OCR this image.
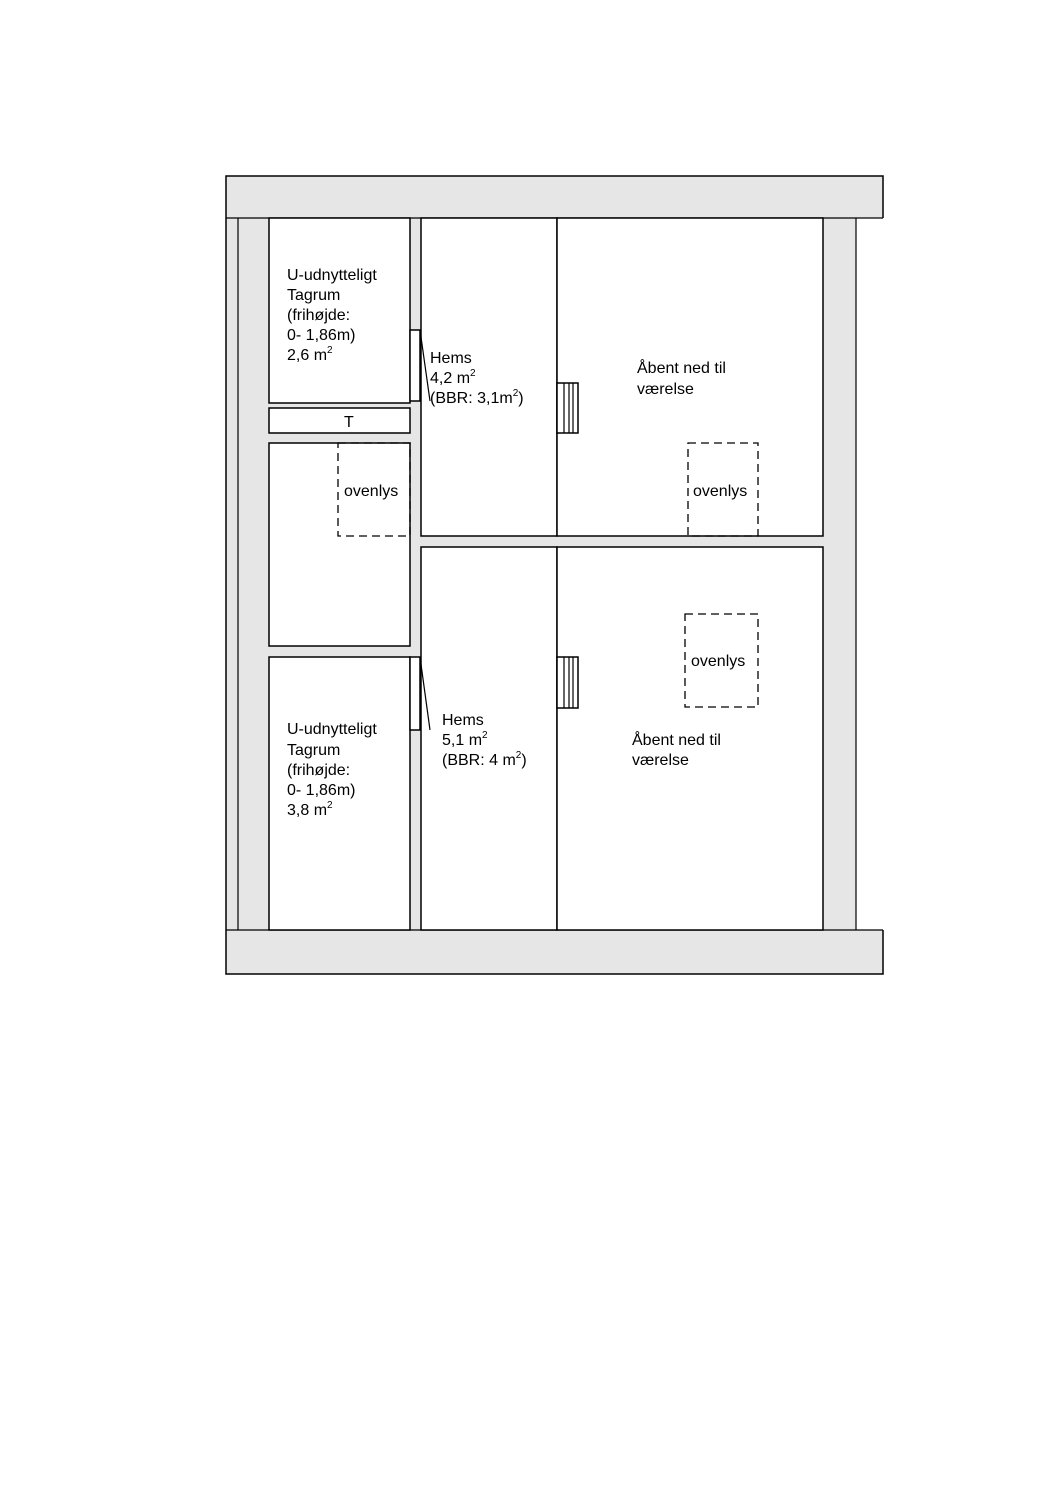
U-udnytteligt Tagrum (frihøjde: 0- 1,86m) 2,6 $m^2$
T
ovenlys
U-udnytteligt Tagrum (frihøjde: 0- 1,86m) 3,8 $m^2$
Hems 4,2 $m^2$ (BBR: $3,1m^2$)
Hems 5,1 $m^2$ (BBR: 4 $m^2$)
Åbent ned til værelse
ovenlys
ovenlys
Åbent ned til værelse
